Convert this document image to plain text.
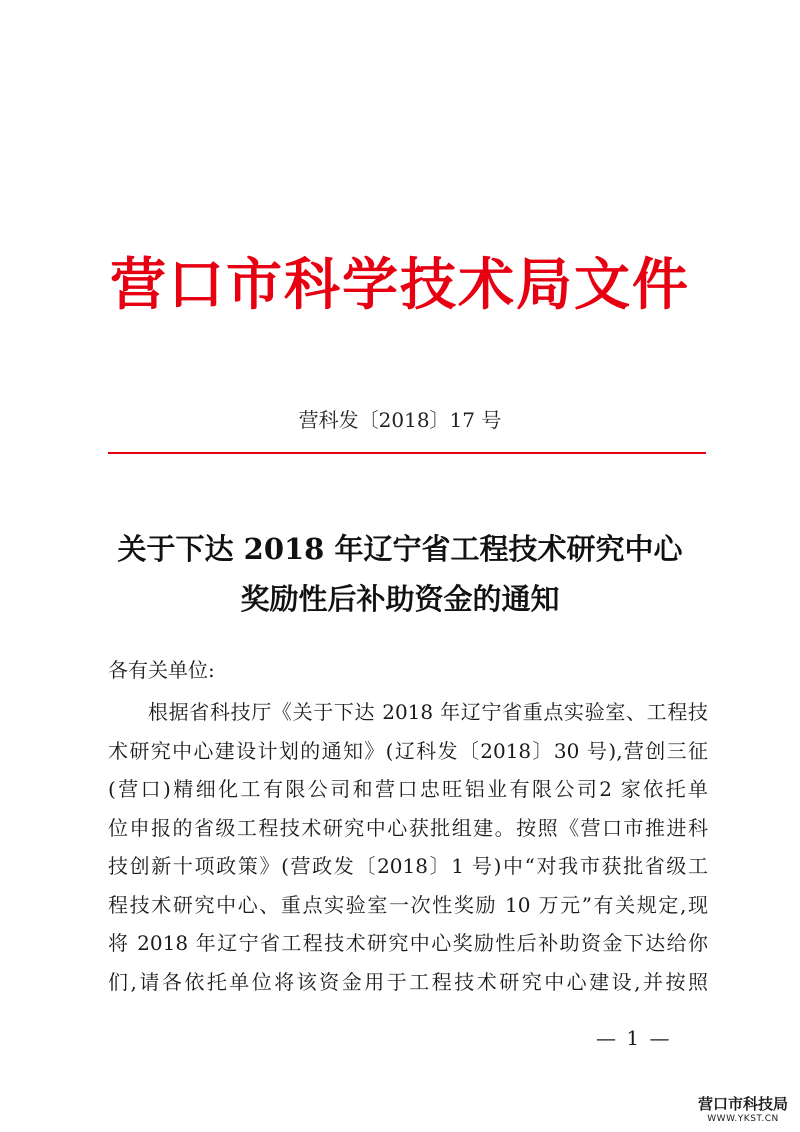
营口市科学技术局文件
营科发〔2018〕17 号
关于下达 2018 年辽宁省工程技术研究中心
奖励性后补助资金的通知
各有关单位:
根据省科技厅《关于下达 2018 年辽宁省重点实验室、工程技
术研究中心建设计划的通知》(辽科发〔2018〕30 号),营创三征
(营口)精细化工有限公司和营口忠旺铝业有限公司2 家依托单
位申报的省级工程技术研究中心获批组建。按照《营口市推进科
技创新十项政策》(营政发〔2018〕1 号)中“对我市获批省级工
程技术研究中心、重点实验室一次性奖励 10 万元”有关规定,现
将 2018 年辽宁省工程技术研究中心奖励性后补助资金下达给你
们,请各依托单位将该资金用于工程技术研究中心建设,并按照
— 1 —
营口市科技局
WWW.YKST.CN
